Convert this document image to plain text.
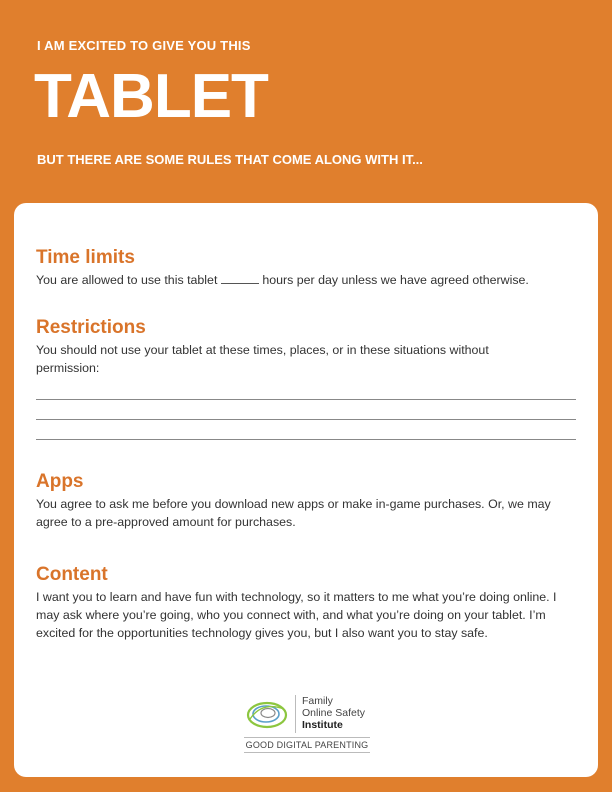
I AM EXCITED TO GIVE YOU THIS
TABLET
BUT THERE ARE SOME RULES THAT COME ALONG WITH IT...
Time limits

You are allowed to use this tablet	hours per day unless we have agreed otherwise.

Restrictions

You should not use your tablet at these times, places, or in these situations without permission:

Apps

You agree to ask me before you download new apps or make in-game purchases. Or, we may agree to a pre-approved amount for purchases.

Content

I want you to learn and have fun with technology, so it matters to me what you’re doing online. I may ask where you’re going, who you connect with, and what you’re doing on your tablet. I’m excited for the opportunities technology gives you, but I also want you to stay safe.

Family
Online Safety
Institute
GOOD DIGITAL PARENTING
